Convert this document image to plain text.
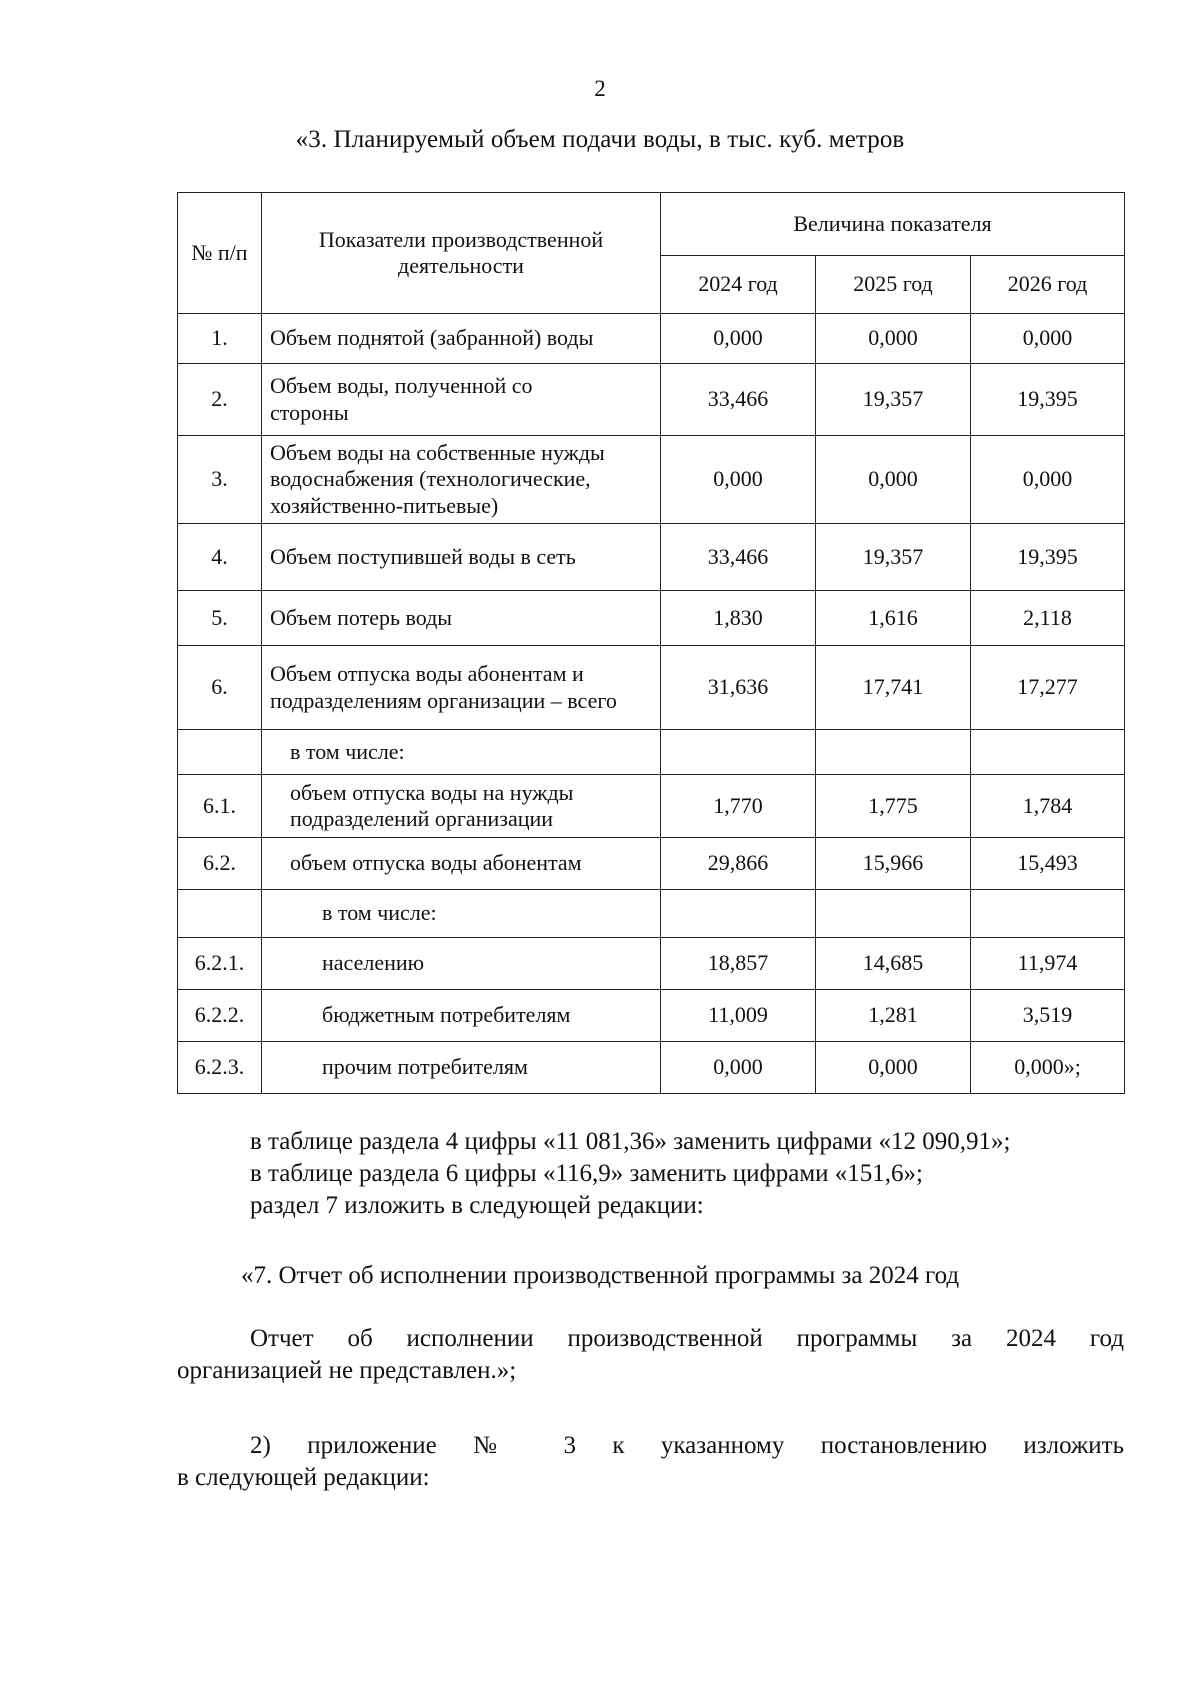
2
«3. Планируемый объем подачи воды, в тыс. куб. метров
№ п/п	Показатели производственной деятельности	Величина показателя		
		2024 год	2025 год	2026 год
1.	Объем поднятой (забранной) воды	0,000	0,000	0,000
2.	Объем воды, полученной со стороны	33,466	19,357	19,395
3.	Объем воды на собственные нужды водоснабжения (технологические, хозяйственно-питьевые)	0,000	0,000	0,000
4.	Объем поступившей воды в сеть	33,466	19,357	19,395
5.	Объем потерь воды	1,830	1,616	2,118
6.	Объем отпуска воды абонентам и подразделениям организации – всего	31,636	17,741	17,277
	в том числе:			
6.1.	объем отпуска воды на нужды подразделений организации	1,770	1,775	1,784
6.2.	объем отпуска воды абонентам	29,866	15,966	15,493
	в том числе:			
6.2.1.	населению	18,857	14,685	11,974
6.2.2.	бюджетным потребителям	11,009	1,281	3,519
6.2.3.	прочим потребителям	0,000	0,000	0,000»;
в таблице раздела 4 цифры «11 081,36» заменить цифрами «12 090,91»;
в таблице раздела 6 цифры «116,9» заменить цифрами «151,6»;
раздел 7 изложить в следующей редакции:
«7. Отчет об исполнении производственной программы за 2024 год
Отчет об исполнении производственной программы за 2024 год
организацией не представлен.»;
2) приложение № 3 к указанному постановлению изложить
в следующей редакции:
